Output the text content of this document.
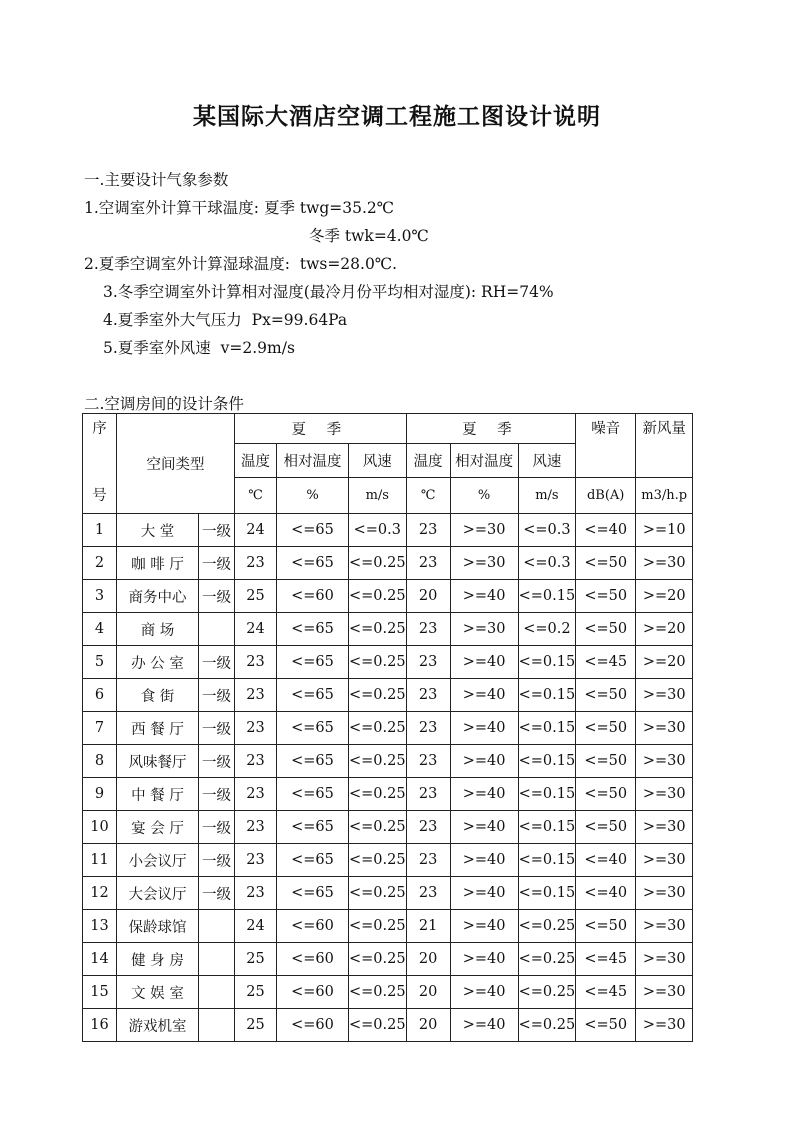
某国际大酒店空调工程施工图设计说明
一.主要设计气象参数
1.空调室外计算干球温度: 夏季 twg=35.2℃
冬季 twk=4.0℃
2.夏季空调室外计算湿球温度:  tws=28.0℃.
3.冬季空调室外计算相对湿度(最冷月份平均相对湿度): RH=74%
4.夏季室外大气压力  Px=99.64Pa
5.夏季室外风速  v=2.9m/s
二.空调房间的设计条件
序
号	空间类型		夏 季			夏 季			噪音	新风量
			温度	相对温度	风速	温度	相对温度	风速		
			℃	%	m/s	℃	%	m/s	dB(A)	m3/h.p
1	大 堂	一级	24	<=65	<=0.3	23	>=30	<=0.3	<=40	>=10
2	咖 啡 厅	一级	23	<=65	<=0.25	23	>=30	<=0.3	<=50	>=30
3	商务中心	一级	25	<=60	<=0.25	20	>=40	<=0.15	<=50	>=20
4	商 场		24	<=65	<=0.25	23	>=30	<=0.2	<=50	>=20
5	办 公 室	一级	23	<=65	<=0.25	23	>=40	<=0.15	<=45	>=20
6	食 街	一级	23	<=65	<=0.25	23	>=40	<=0.15	<=50	>=30
7	西 餐 厅	一级	23	<=65	<=0.25	23	>=40	<=0.15	<=50	>=30
8	风味餐厅	一级	23	<=65	<=0.25	23	>=40	<=0.15	<=50	>=30
9	中 餐 厅	一级	23	<=65	<=0.25	23	>=40	<=0.15	<=50	>=30
10	宴 会 厅	一级	23	<=65	<=0.25	23	>=40	<=0.15	<=50	>=30
11	小会议厅	一级	23	<=65	<=0.25	23	>=40	<=0.15	<=40	>=30
12	大会议厅	一级	23	<=65	<=0.25	23	>=40	<=0.15	<=40	>=30
13	保龄球馆		24	<=60	<=0.25	21	>=40	<=0.25	<=50	>=30
14	健 身 房		25	<=60	<=0.25	20	>=40	<=0.25	<=45	>=30
15	文 娱 室		25	<=60	<=0.25	20	>=40	<=0.25	<=45	>=30
16	游戏机室		25	<=60	<=0.25	20	>=40	<=0.25	<=50	>=30
